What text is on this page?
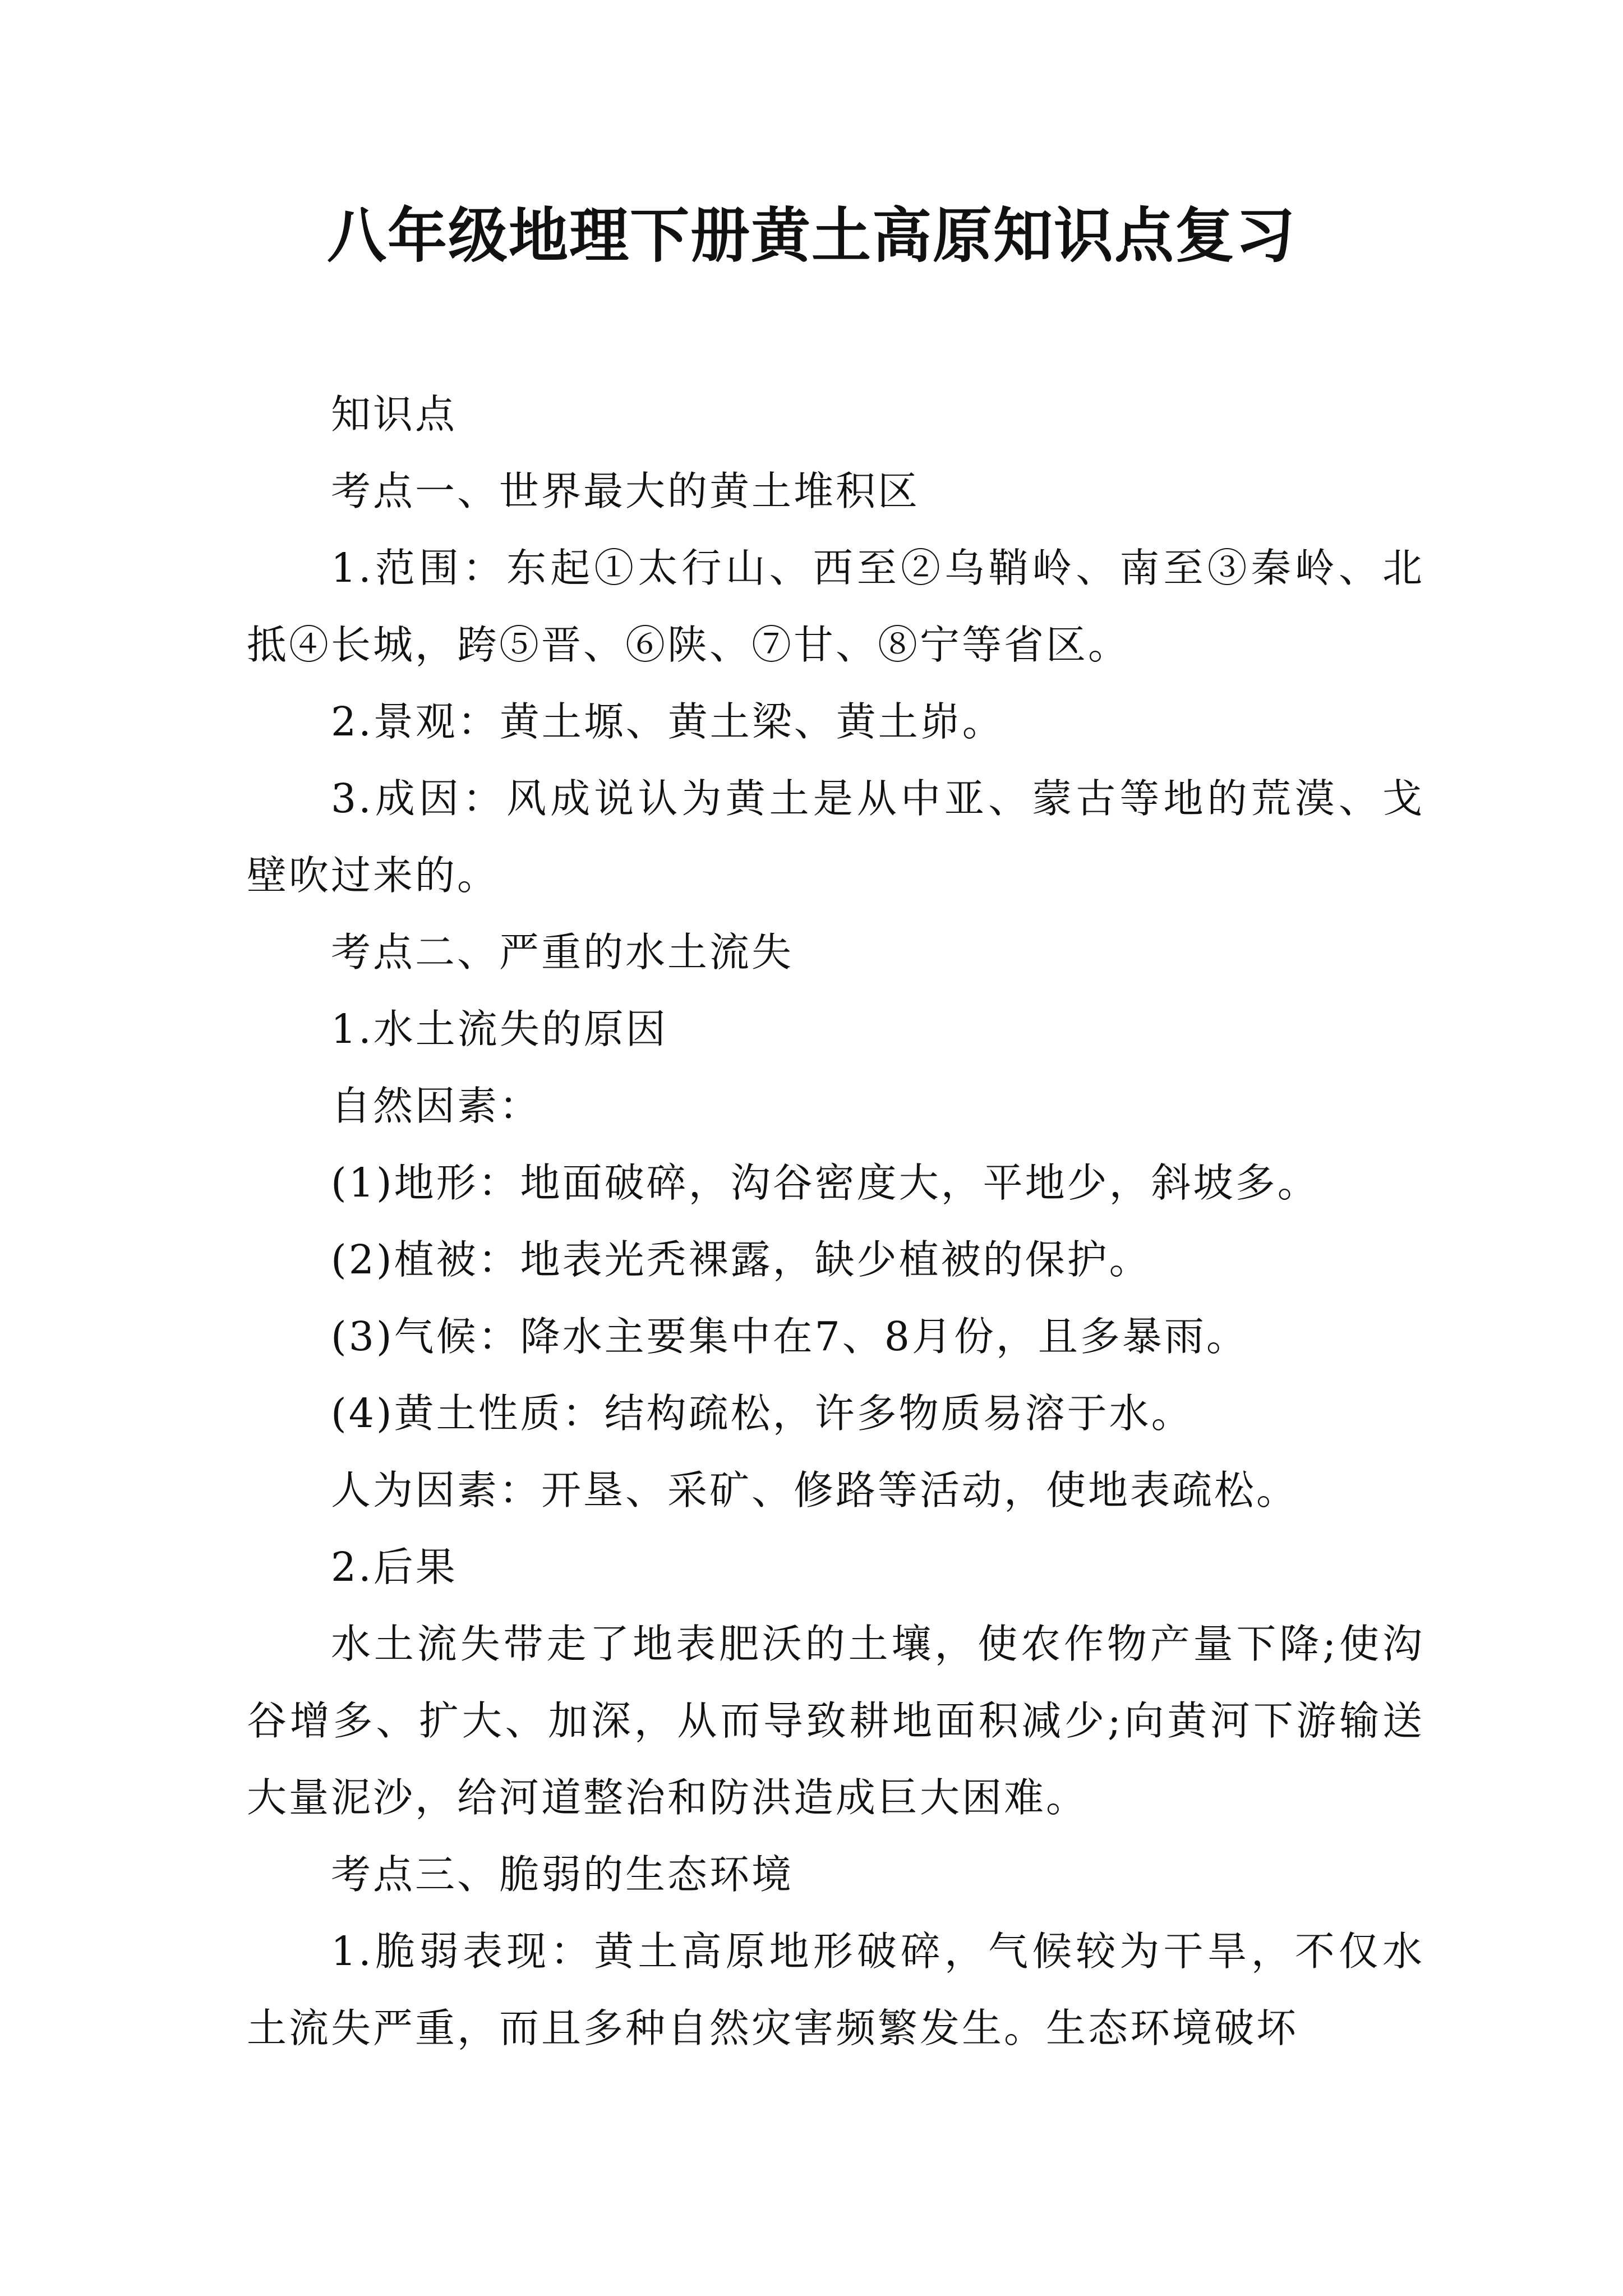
八年级地理下册黄土高原知识点复习

知识点

考点一、世界最大的黄土堆积区

1.范围：东起①太行山、西至②乌鞘岭、南至③秦岭、北抵④长城，跨⑤晋、⑥陕、⑦甘、⑧宁等省区。

2.景观：黄土塬、黄土梁、黄土峁。

3.成因：风成说认为黄土是从中亚、蒙古等地的荒漠、戈壁吹过来的。

考点二、严重的水土流失

1.水土流失的原因

自然因素：

(1)地形：地面破碎，沟谷密度大，平地少，斜坡多。

(2)植被：地表光秃裸露，缺少植被的保护。

(3)气候：降水主要集中在7、8月份，且多暴雨。

(4)黄土性质：结构疏松，许多物质易溶于水。

人为因素：开垦、采矿、修路等活动，使地表疏松。

2.后果

水土流失带走了地表肥沃的土壤，使农作物产量下降;使沟谷增多、扩大、加深，从而导致耕地面积减少;向黄河下游输送大量泥沙，给河道整治和防洪造成巨大困难。

考点三、脆弱的生态环境

1.脆弱表现：黄土高原地形破碎，气候较为干旱，不仅水土流失严重，而且多种自然灾害频繁发生。生态环境破坏
